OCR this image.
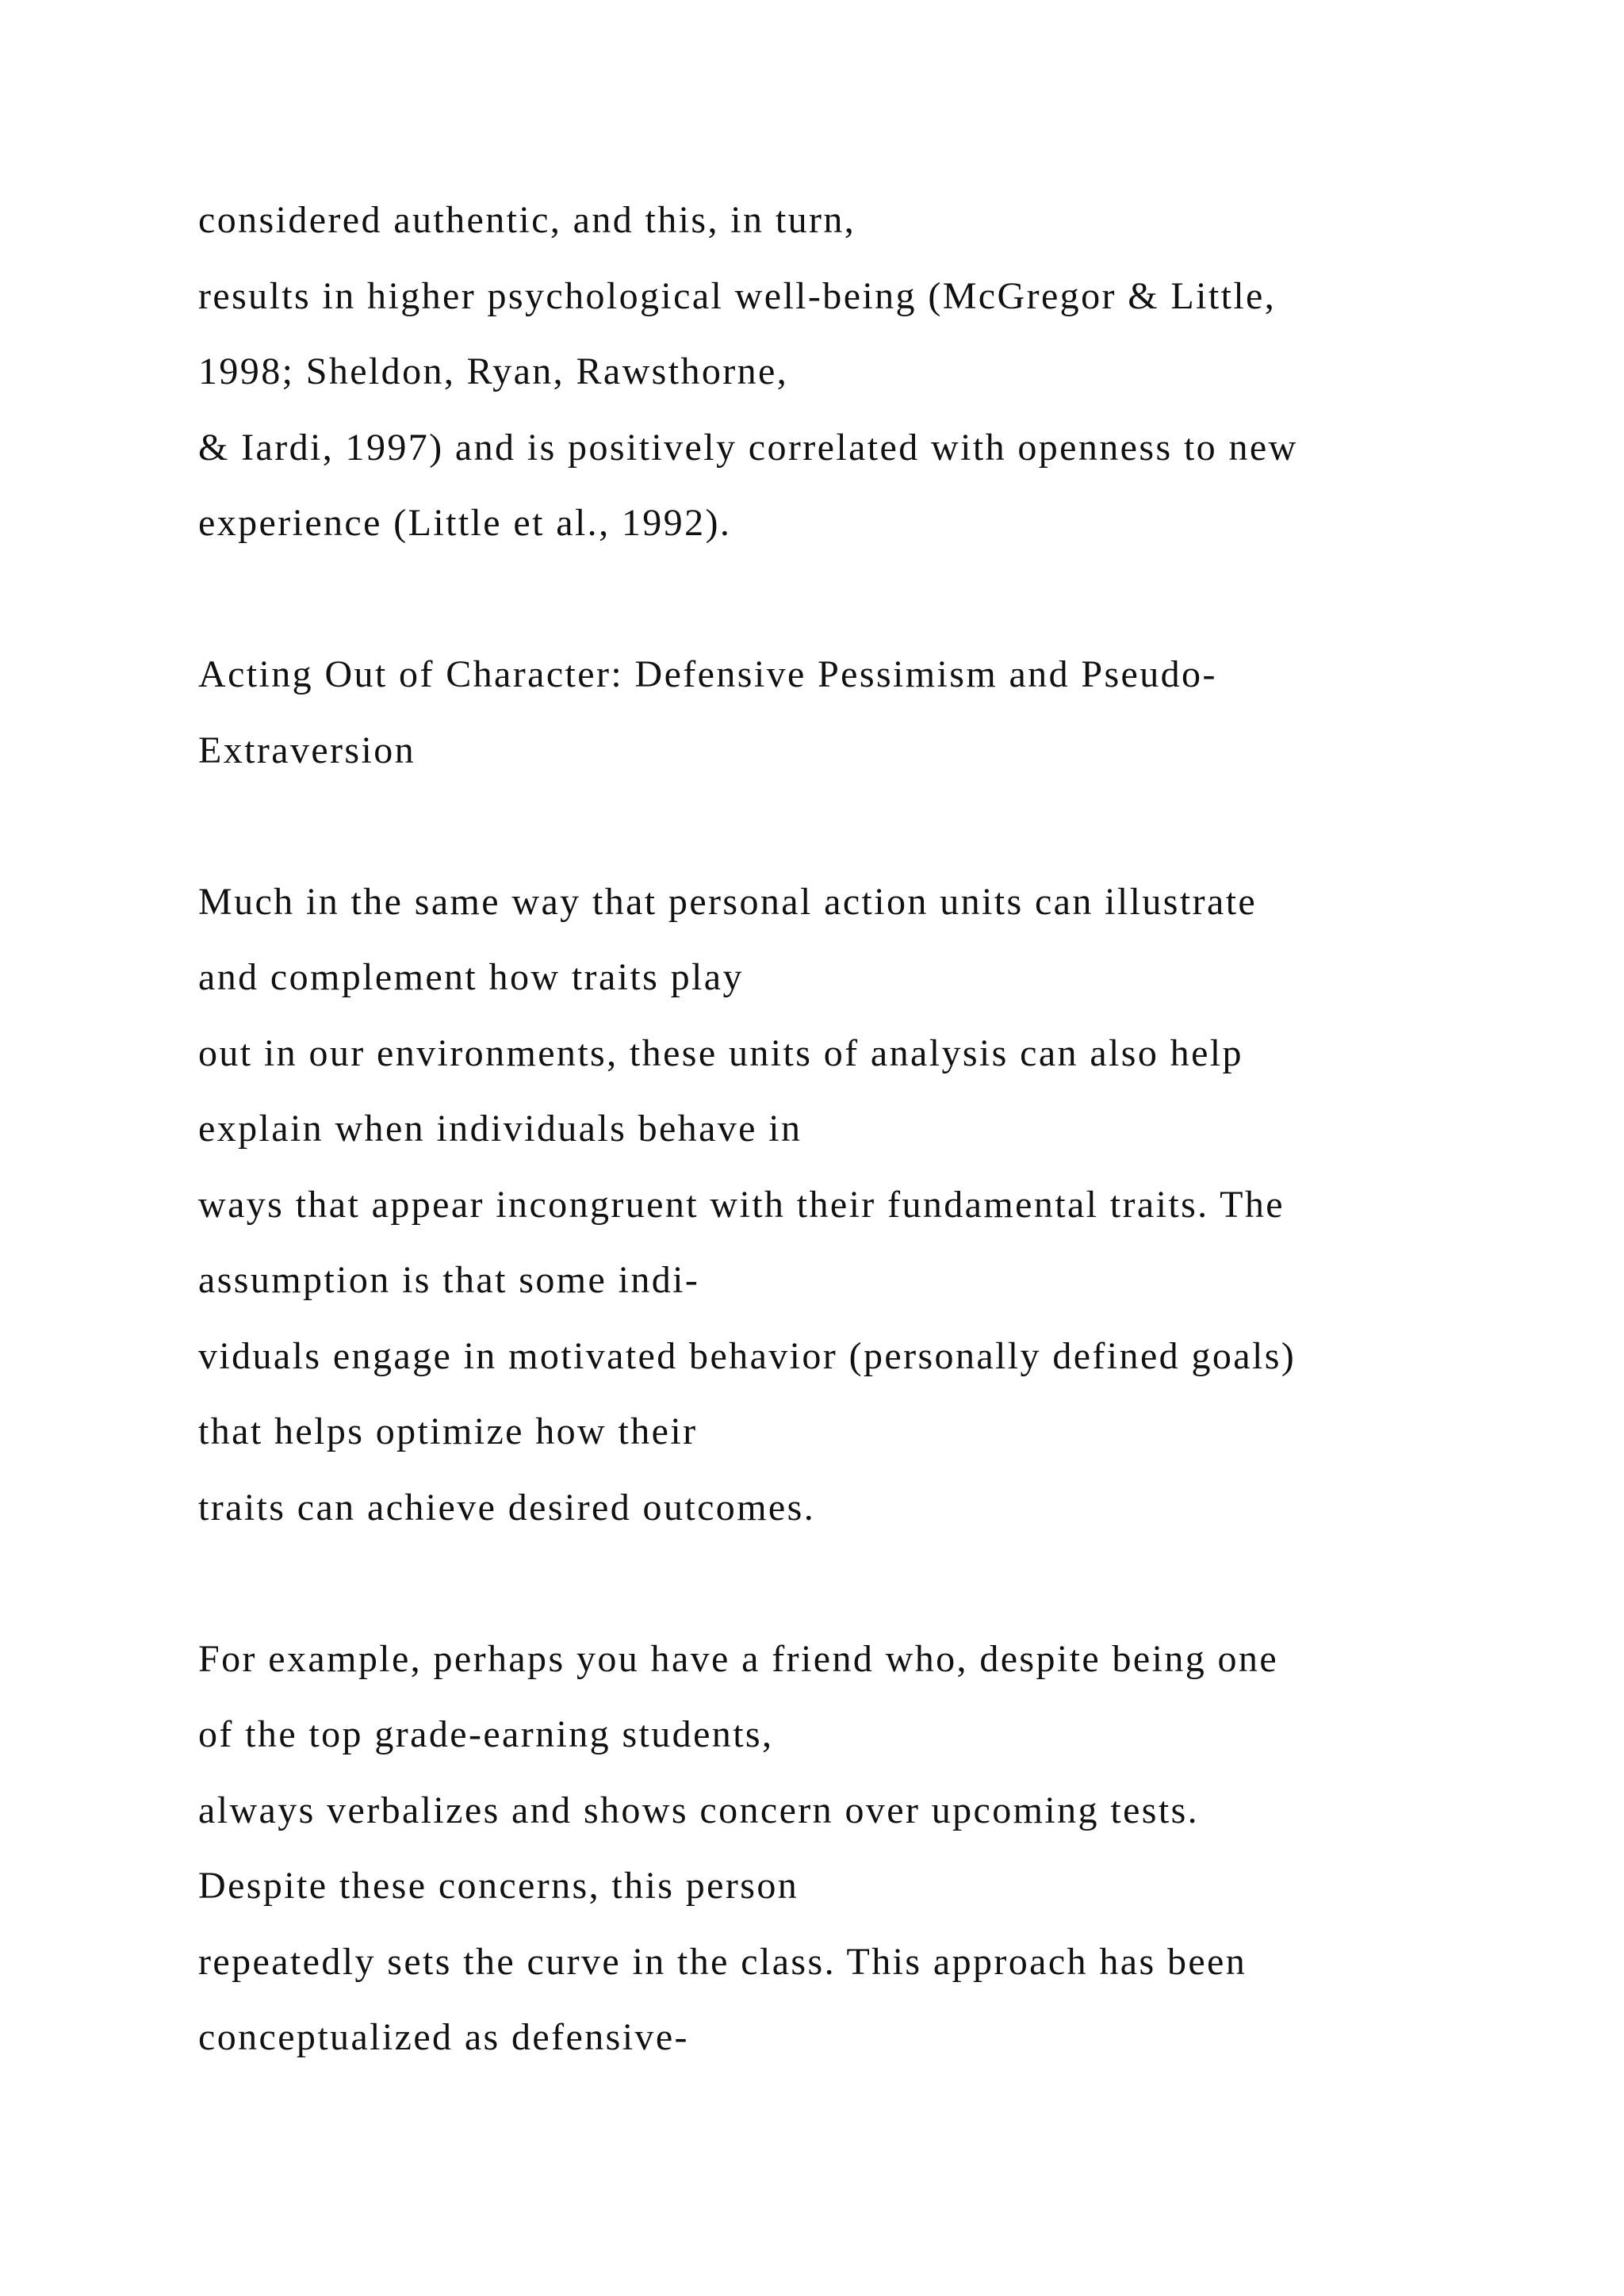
considered authentic, and this, in turn,
results in higher psychological well-being (McGregor & Little,
1998; Sheldon, Ryan, Rawsthorne,
& Iardi, 1997) and is positively correlated with openness to new
experience (Little et al., 1992).
Acting Out of Character: Defensive Pessimism and Pseudo-
Extraversion
Much in the same way that personal action units can illustrate
and complement how traits play
out in our environments, these units of analysis can also help
explain when individuals behave in
ways that appear incongruent with their fundamental traits. The
assumption is that some indi-
viduals engage in motivated behavior (personally defined goals)
that helps optimize how their
traits can achieve desired outcomes.
For example, perhaps you have a friend who, despite being one
of the top grade-earning students,
always verbalizes and shows concern over upcoming tests.
Despite these concerns, this person
repeatedly sets the curve in the class. This approach has been
conceptualized as defensive-
